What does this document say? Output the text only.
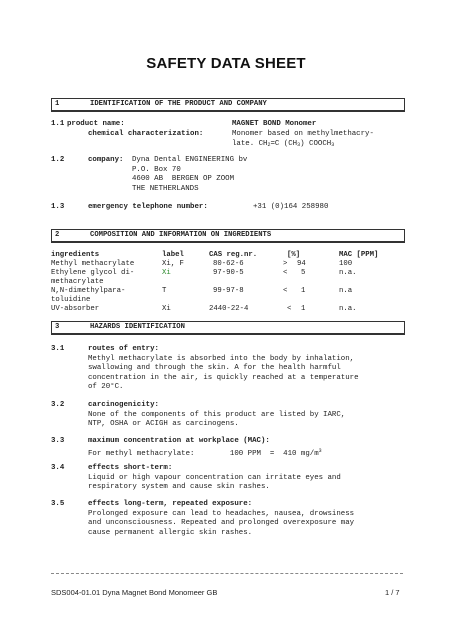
SAFETY DATA SHEET
1	IDENTIFICATION OF THE PRODUCT AND COMPANY
1.1 product name:	MAGNET BOND Monomer
chemical characterization:	Monomer based on methylmethacry-
late. $CH_2=C$ $(CH_3)$ $COOCH_3$
1.2	company: Dyna Dental ENGINEERING bv
P.O. Box 70
4600 AB  BERGEN OP ZOOM
THE NETHERLANDS
1.3	emergency telephone number:	+31 (0)164 258980
2	COMPOSITION AND INFORMATION ON INGREDIENTS
ingredients	label	CAS reg.nr.	[%]	MAC [PPM]
Methyl methacrylate	Xi, F	80-62-6	> 94	100
Ethylene glycol di-	Xi	97-90-5	< 5	n.a.
methacrylate
N,N-dimethylpara-	T	99-97-8	< 1	n.a
toluidine
UV-absorber	Xi	2440-22-4	< 1	n.a.
3	HAZARDS IDENTIFICATION
3.1	routes of entry:
Methyl methacrylate is absorbed into the body by inhalation,
swallowing and through the skin. A for the health harmful
concentration in the air, is quickly reached at a temperature
of 20°C.
3.2	carcinogenicity:
None of the components of this product are listed by IARC,
NTP, OSHA or ACIGH as carcinogens.
3.3	maximum concentration at workplace (MAC):
For methyl methacrylate:        100 PPM  =  410 $mg/m^3$
3.4	effects short-term:
Liquid or high vapour concentration can irritate eyes and
respiratory system and cause skin rashes.
3.5	effects long-term, repeated exposure:
Prolonged exposure can lead to headaches, nausea, drowsiness
and unconsciousness. Repeated and prolonged overexposure may
cause permanent allergic skin rashes.
SDS004-01.01 Dyna Magnet Bond Monomeer GB	1 / 7
